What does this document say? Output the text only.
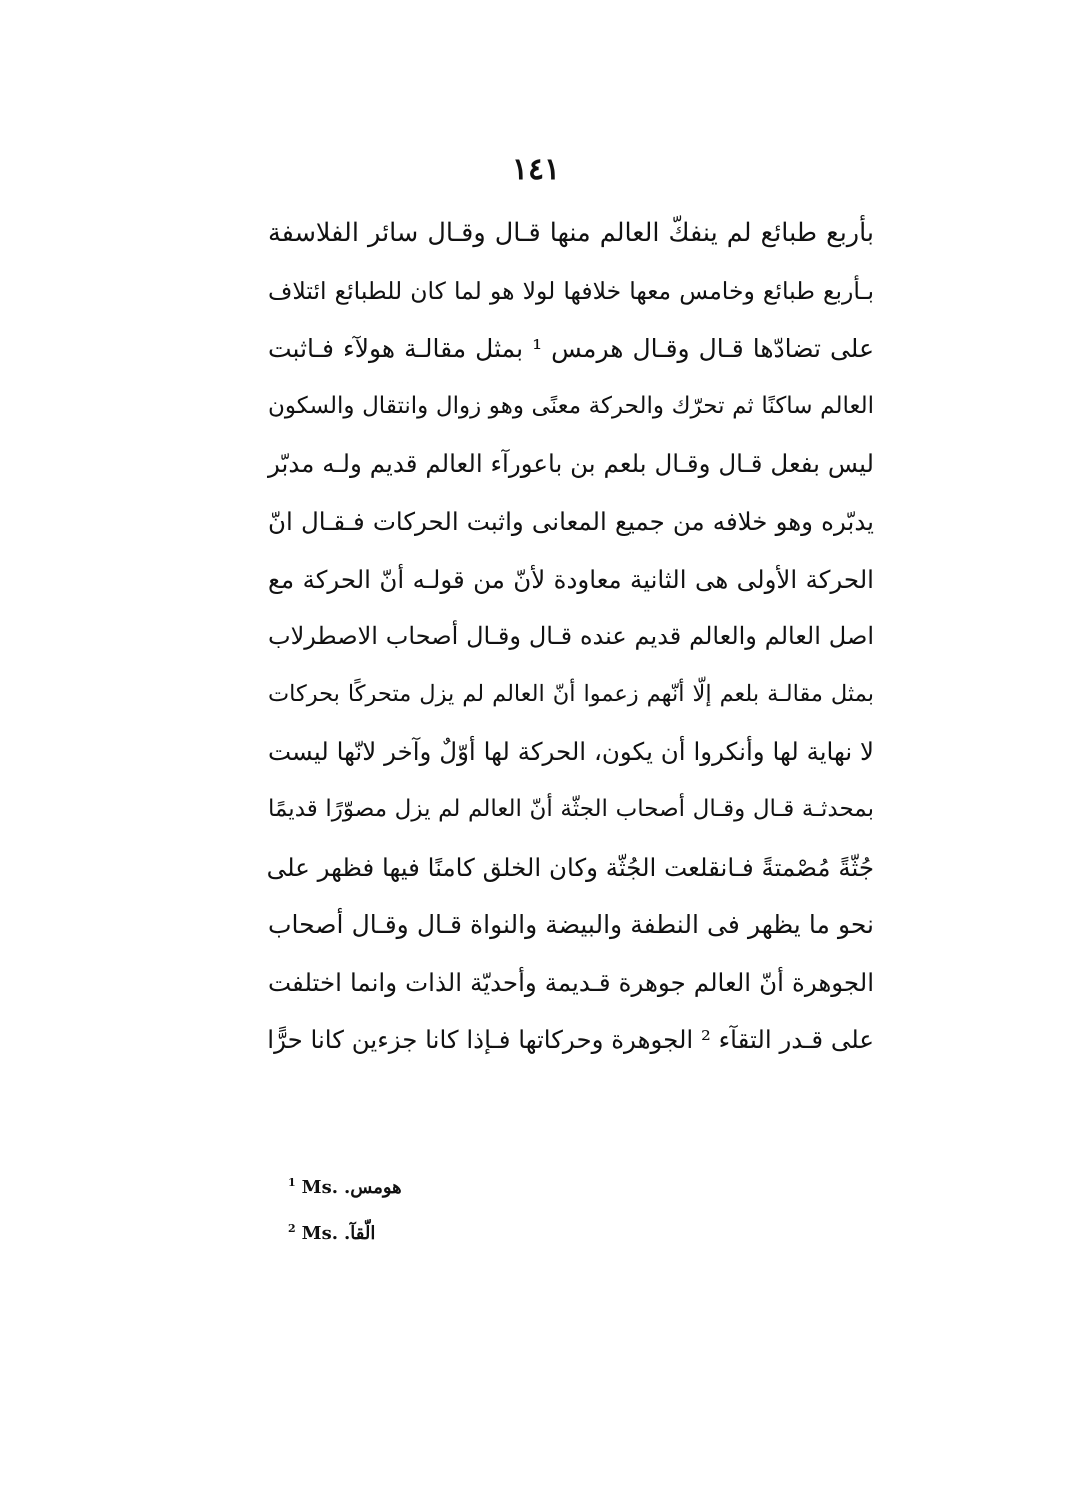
١٤١
بأربع طبائع لم ينفكّ العالم منها قـال وقـال سائر الفلاسفة
بـأربع طبائع وخامس معها خلافها لولا هو لما كان للطبائع ائتلاف
على تضادّها قـال وقـال هرمس ¹ بمثل مقالـة هولآء فـاثبت
العالم ساكنًا ثم تحرّك والحركة معنًى وهو زوال وانتقال والسكون
ليس بفعل قـال وقـال بلعم بن باعورآء العالم قديم ولـه مدبّر
يدبّره وهو خلافه من جميع المعانى واثبت الحركات فـقـال انّ
الحركة الأولى هى الثانية معاودة لأنّ من قولـه أنّ الحركة مع
اصل العالم والعالم قديم عنده قـال وقـال أصحاب الاصطرلاب
بمثل مقالـة بلعم إلّا أنّهم زعموا أنّ العالم لم يزل متحركًا بحركات
لا نهاية لها وأنكروا أن يكون، الحركة لها أوّلٌ وآخر لانّها ليست
بمحدثـة قـال وقـال أصحاب الجثّة أنّ العالم لم يزل مصوّرًا قديمًا
جُثّةً مُصْمتةً فـانقلعت الجُثّة وكان الخلق كامنًا فيها فظهر على
نحو ما يظهر فى النطفة والبيضة والنواة قـال وقـال أصحاب
الجوهرة أنّ العالم جوهرة قـديمة وأحديّة الذات وانما اختلفت
على قـدر التقآء ² الجوهرة وحركاتها فـإذا كانا جزءين كانا حرًّا
$^1$ Ms. هومس.
$^2$ Ms. الّقآ.
